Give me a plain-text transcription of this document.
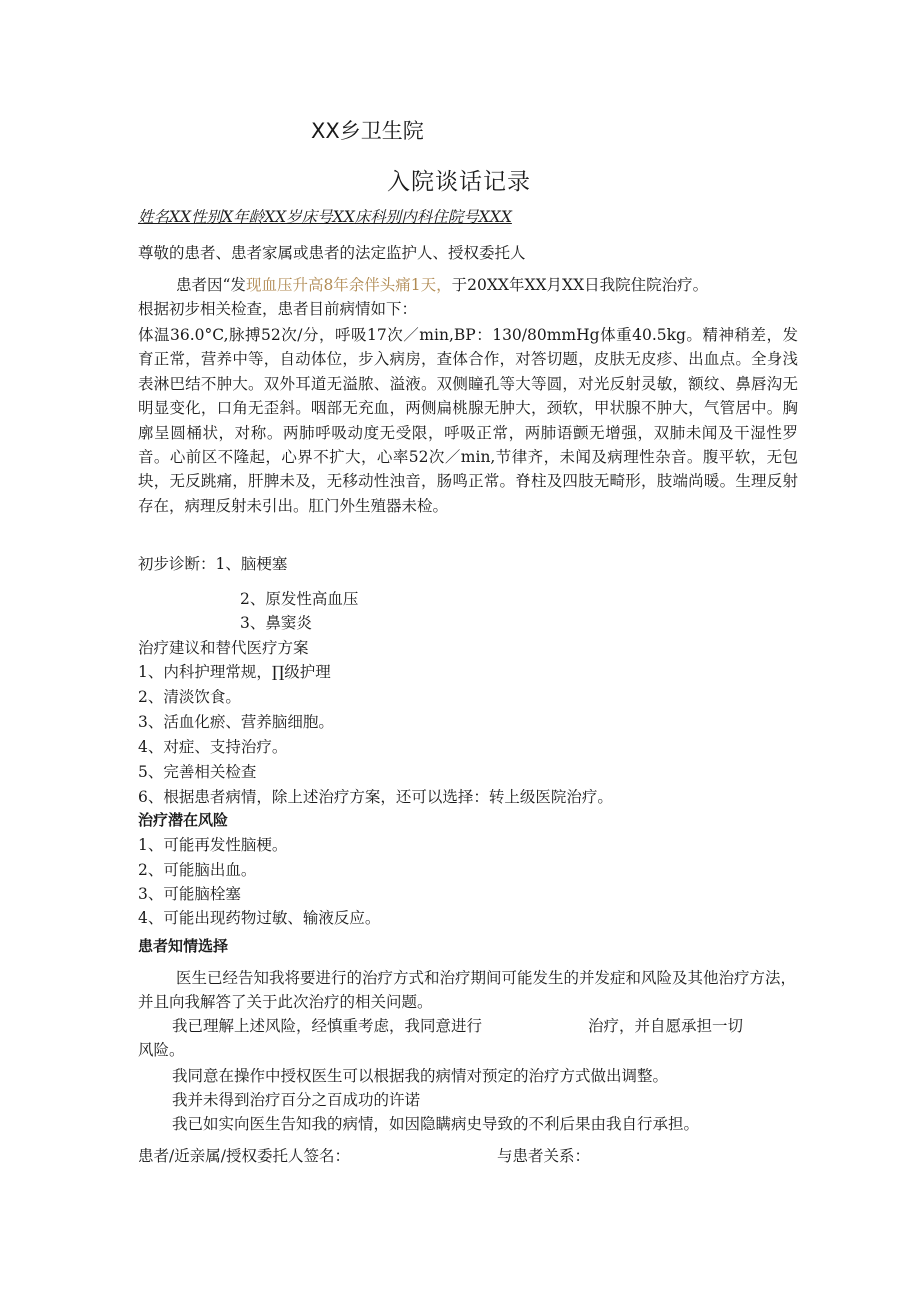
XX乡卫生院
入院谈话记录
姓名XX性别X年龄XX岁床号XX床科别内科住院号XXX
尊敬的患者、患者家属或患者的法定监护人、授权委托人
患者因“发现血压升高8年余伴头痛1天，于20XX年XX月XX日我院住院治疗。
根据初步相关检查，患者目前病情如下：
体温36.0°C,脉搏52次/分，呼吸17次／min,BP：130/80mmHg体重40.5kg。精神稍差，发育正常，营养中等，自动体位，步入病房，查体合作，对答切题，皮肤无皮疹、出血点。全身浅表淋巴结不肿大。双外耳道无溢脓、溢液。双侧瞳孔等大等圆，对光反射灵敏，额纹、鼻唇沟无明显变化，口角无歪斜。咽部无充血，两侧扁桃腺无肿大，颈软，甲状腺不肿大，气管居中。胸廓呈圆桶状，对称。两肺呼吸动度无受限，呼吸正常，两肺语颤无增强，双肺未闻及干湿性罗音。心前区不隆起，心界不扩大，心率52次／min,节律齐，未闻及病理性杂音。腹平软，无包块，无反跳痛，肝脾未及，无移动性浊音，肠鸣正常。脊柱及四肢无畸形，肢端尚暖。生理反射存在，病理反射未引出。肛门外生殖器未检。
初步诊断：1、脑梗塞
2、原发性高血压
3、鼻窦炎
治疗建议和替代医疗方案
1、内科护理常规，∏级护理
2、清淡饮食。
3、活血化瘀、营养脑细胞。
4、对症、支持治疗。
5、完善相关检查
6、根据患者病情，除上述治疗方案，还可以选择：转上级医院治疗。
治疗潜在风险
1、可能再发性脑梗。
2、可能脑出血。
3、可能脑栓塞
4、可能出现药物过敏、输液反应。
患者知情选择
医生已经告知我将要进行的治疗方式和治疗期间可能发生的并发症和风险及其他治疗方法，并且向我解答了关于此次治疗的相关问题。
我已理解上述风险，经慎重考虑，我同意进行	治疗，并自愿承担一切
风险。
我同意在操作中授权医生可以根据我的病情对预定的治疗方式做出调整。
我并未得到治疗百分之百成功的许诺
我已如实向医生告知我的病情，如因隐瞒病史导致的不利后果由我自行承担。
患者/近亲属/授权委托人签名：	与患者关系：
